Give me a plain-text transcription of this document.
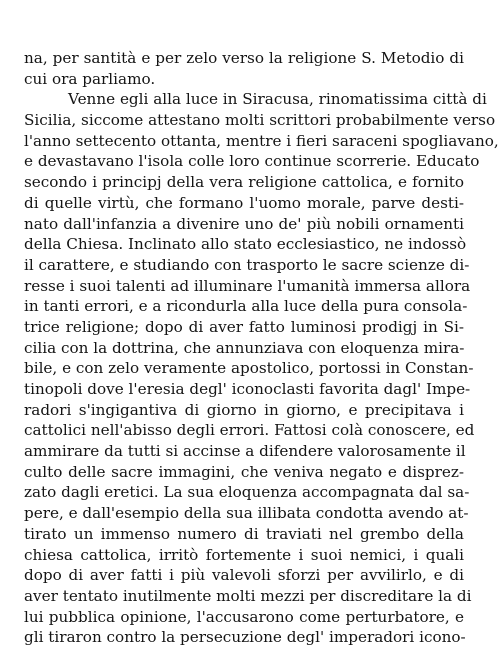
na, per santità e per zelo verso la religione S. Metodio di
cui ora parliamo.
Venne egli alla luce in Siracusa, rinomatissima città di
Sicilia, siccome attestano molti scrittori probabilmente verso
l'anno settecento ottanta, mentre i fieri saraceni spogliavano,
e devastavano l'isola colle loro continue scorrerie. Educato
secondo i principj della vera religione cattolica, e fornito
di quelle virtù, che formano l'uomo morale, parve desti-
nato dall'infanzia a divenire uno de' più nobili ornamenti
della Chiesa. Inclinato allo stato ecclesiastico, ne indossò
il carattere, e studiando con trasporto le sacre scienze di-
resse i suoi talenti ad illuminare l'umanità immersa allora
in tanti errori, e a ricondurla alla luce della pura consola-
trice religione; dopo di aver fatto luminosi prodigj in Si-
cilia con la dottrina, che annunziava con eloquenza mira-
bile, e con zelo veramente apostolico, portossi in Constan-
tinopoli dove l'eresia degl' iconoclasti favorita dagl' Impe-
radori s'ingigantiva di giorno in giorno, e precipitava i
cattolici nell'abisso degli errori. Fattosi colà conoscere, ed
ammirare da tutti si accinse a difendere valorosamente il
culto delle sacre immagini, che veniva negato e disprez-
zato dagli eretici. La sua eloquenza accompagnata dal sa-
pere, e dall'esempio della sua illibata condotta avendo at-
tirato un immenso numero di traviati nel grembo della
chiesa cattolica, irritò fortemente i suoi nemici, i quali
dopo di aver fatti i più valevoli sforzi per avvilirlo, e di
aver tentato inutilmente molti mezzi per discreditare la di
lui pubblica opinione, l'accusarono come perturbatore, e
gli tiraron contro la persecuzione degl' imperadori icono-
